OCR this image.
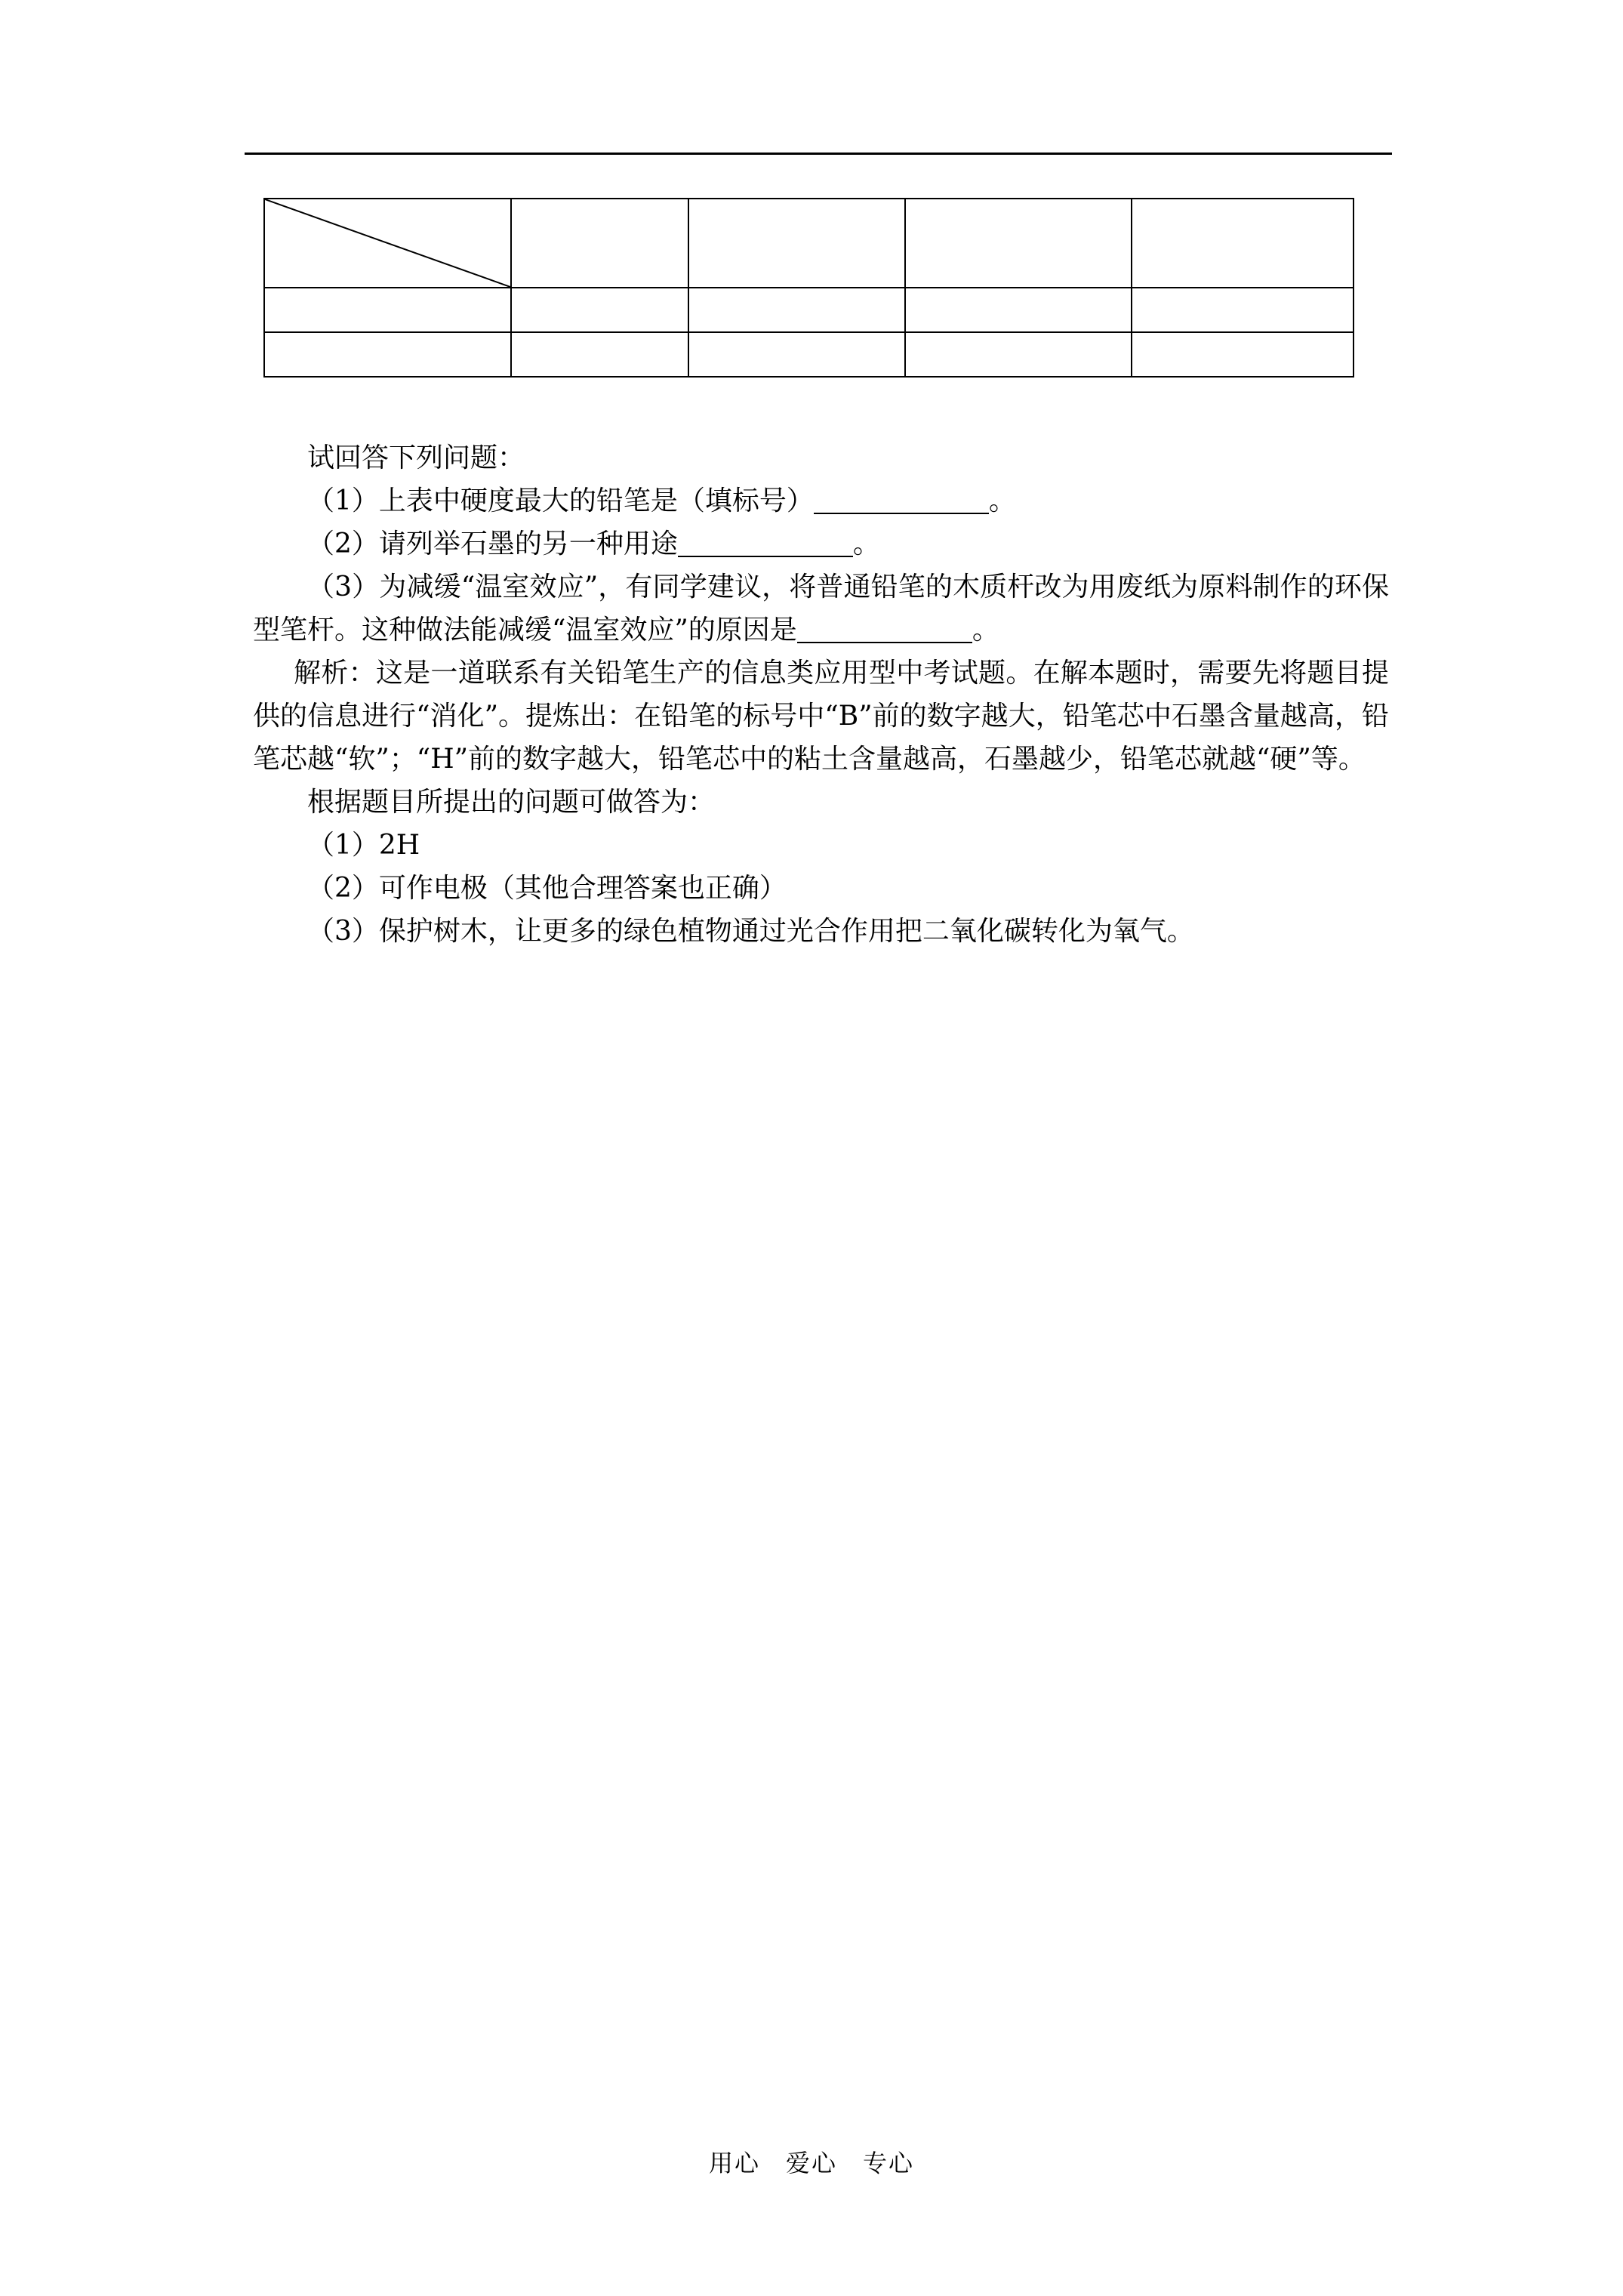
试回答下列问题：

（1）上表中硬度最大的铅笔是（填标号）	。

（2）请列举石墨的另一种用途	。

（3）为减缓“温室效应”，有同学建议，将普通铅笔的木质杆改为用废纸为原料制作的环保型笔杆。这种做法能减缓“温室效应”的原因是	。

解析：这是一道联系有关铅笔生产的信息类应用型中考试题。在解本题时，需要先将题目提供的信息进行“消化”。提炼出：在铅笔的标号中“B”前的数字越大，铅笔芯中石墨含量越高，铅笔芯越“软”；“H”前的数字越大，铅笔芯中的粘土含量越高，石墨越少，铅笔芯就越“硬”等。

根据题目所提出的问题可做答为：

（1）2H

（2）可作电极（其他合理答案也正确）

（3）保护树木，让更多的绿色植物通过光合作用把二氧化碳转化为氧气。

用心　爱心　专心
